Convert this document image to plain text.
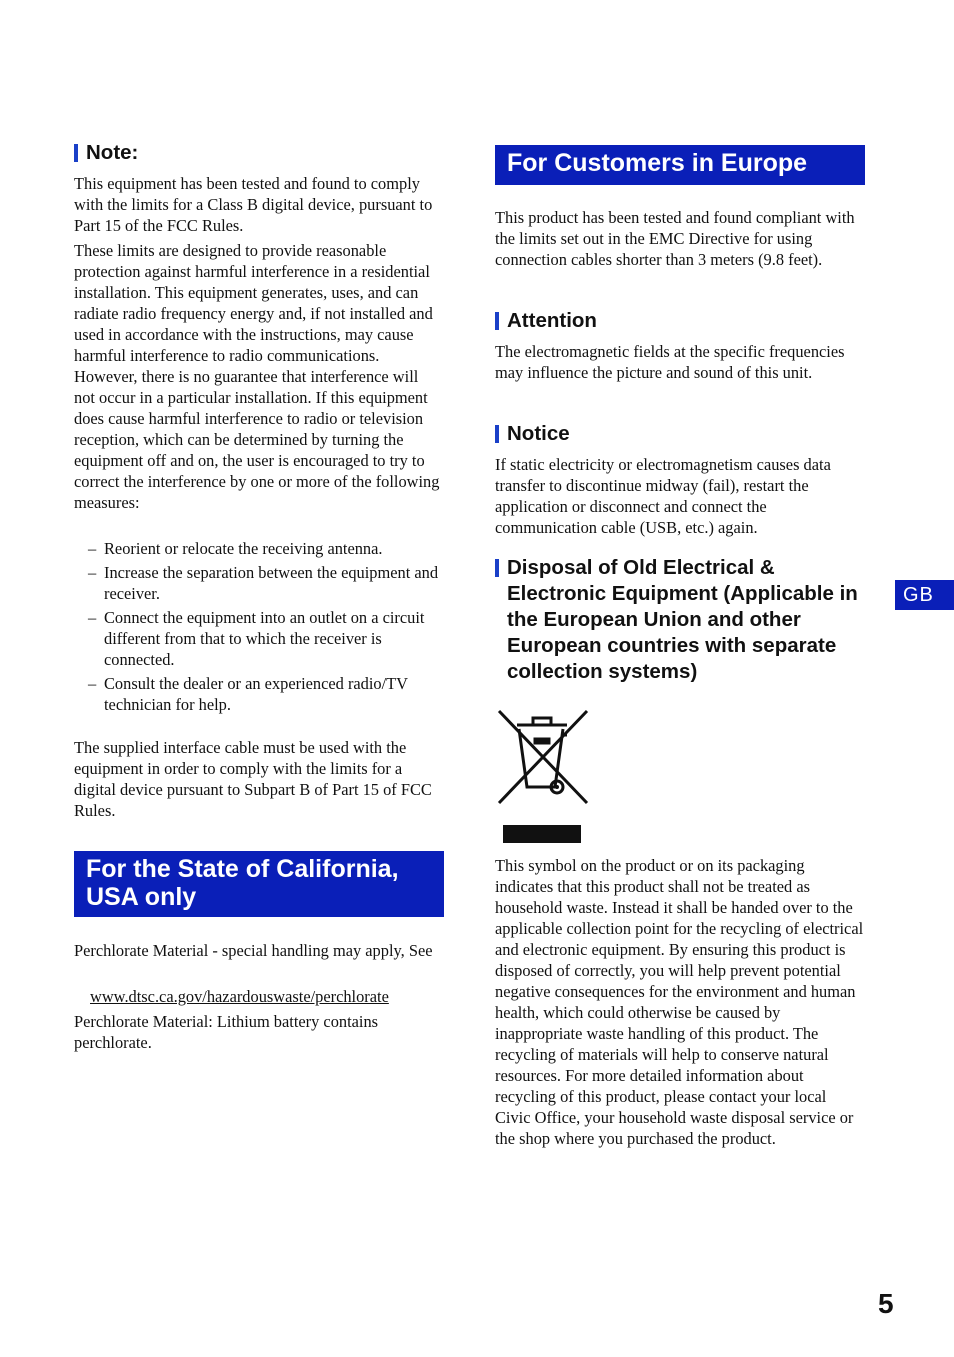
Note:

This equipment has been tested and found to comply with the limits for a Class B digital device, pursuant to Part 15 of the FCC Rules.

These limits are designed to provide reasonable protection against harmful interference in a residential installation. This equipment generates, uses, and can radiate radio frequency energy and, if not installed and used in accordance with the instructions, may cause harmful interference to radio communications. However, there is no guarantee that interference will not occur in a particular installation. If this equipment does cause harmful interference to radio or television reception, which can be determined by turning the equipment off and on, the user is encouraged to try to correct the interference by one or more of the following measures:

– Reorient or relocate the receiving antenna.
– Increase the separation between the equipment and receiver.
– Connect the equipment into an outlet on a circuit different from that to which the receiver is connected.
– Consult the dealer or an experienced radio/TV technician for help.

The supplied interface cable must be used with the equipment in order to comply with the limits for a digital device pursuant to Subpart B of Part 15 of FCC Rules.

For the State of California, USA only

Perchlorate Material - special handling may apply, See

www.dtsc.ca.gov/hazardouswaste/perchlorate

Perchlorate Material: Lithium battery contains perchlorate.

For Customers in Europe

This product has been tested and found compliant with the limits set out in the EMC Directive for using connection cables shorter than 3 meters (9.8 feet).

Attention

The electromagnetic fields at the specific frequencies may influence the picture and sound of this unit.

Notice

If static electricity or electromagnetism causes data transfer to discontinue midway (fail), restart the application or disconnect and connect the communication cable (USB, etc.) again.

Disposal of Old Electrical & Electronic Equipment (Applicable in the European Union and other European countries with separate collection systems)

This symbol on the product or on its packaging indicates that this product shall not be treated as household waste. Instead it shall be handed over to the applicable collection point for the recycling of electrical and electronic equipment. By ensuring this product is disposed of correctly, you will help prevent potential negative consequences for the environment and human health, which could otherwise be caused by inappropriate waste handling of this product. The recycling of materials will help to conserve natural resources. For more detailed information about recycling of this product, please contact your local Civic Office, your household waste disposal service or the shop where you purchased the product.

GB
5
